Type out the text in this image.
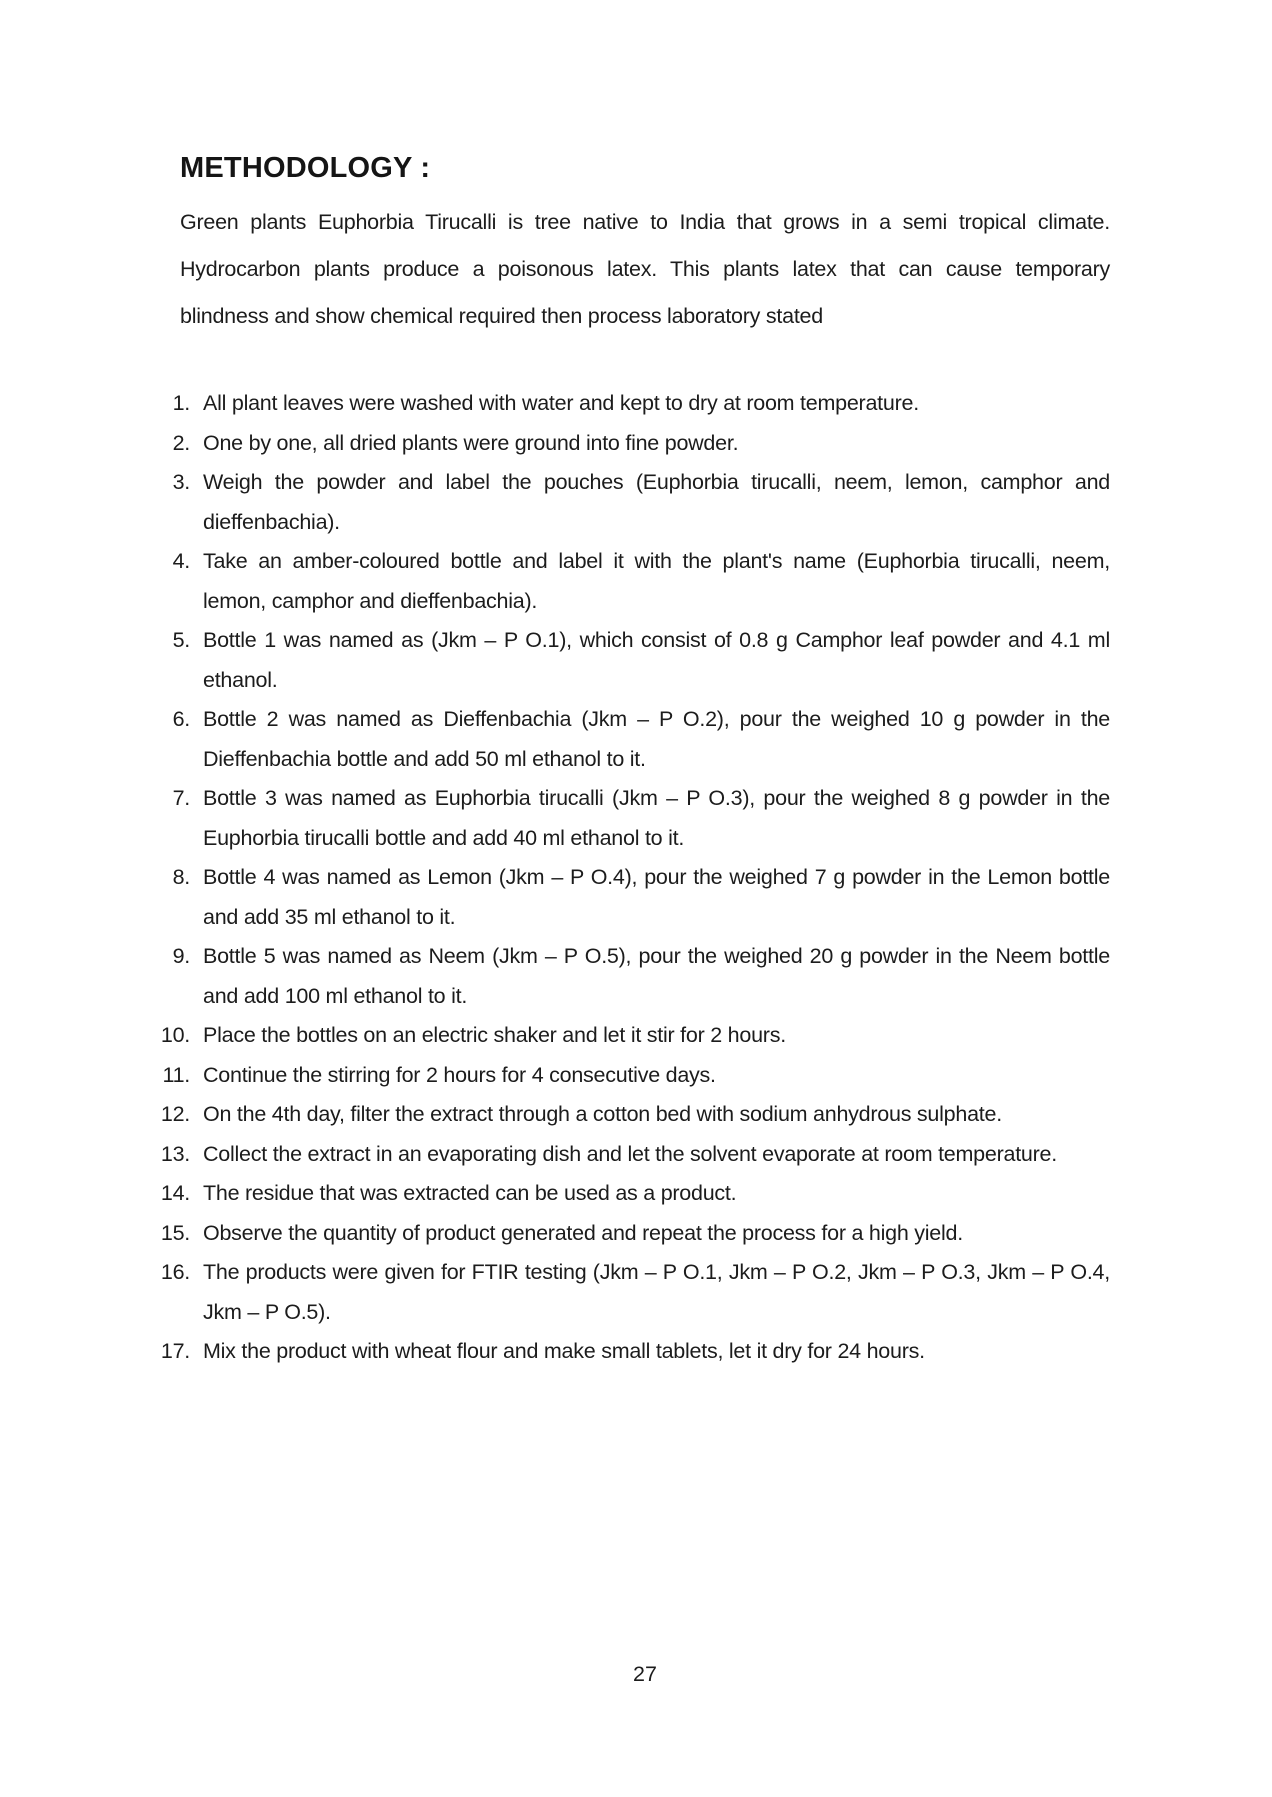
METHODOLOGY :
Green plants Euphorbia Tirucalli is tree native to India that grows in a semi tropical climate. Hydrocarbon plants produce a poisonous latex. This plants latex that can cause temporary blindness and show chemical required then process laboratory stated
1. All plant leaves were washed with water and kept to dry at room temperature.
2. One by one, all dried plants were ground into fine powder.
3. Weigh the powder and label the pouches (Euphorbia tirucalli, neem, lemon, camphor and dieffenbachia).
4. Take an amber-coloured bottle and label it with the plant's name (Euphorbia tirucalli, neem, lemon, camphor and dieffenbachia).
5. Bottle 1 was named as (Jkm – P O.1), which consist of 0.8 g Camphor leaf powder and 4.1 ml ethanol.
6. Bottle 2 was named as Dieffenbachia (Jkm – P O.2), pour the weighed 10 g powder in the Dieffenbachia bottle and add 50 ml ethanol to it.
7. Bottle 3 was named as Euphorbia tirucalli (Jkm – P O.3), pour the weighed 8 g powder in the Euphorbia tirucalli bottle and add 40 ml ethanol to it.
8. Bottle 4 was named as Lemon (Jkm – P O.4), pour the weighed 7 g powder in the Lemon bottle and add 35 ml ethanol to it.
9. Bottle 5 was named as Neem (Jkm – P O.5), pour the weighed 20 g powder in the Neem bottle and add 100 ml ethanol to it.
10. Place the bottles on an electric shaker and let it stir for 2 hours.
11. Continue the stirring for 2 hours for 4 consecutive days.
12. On the 4th day, filter the extract through a cotton bed with sodium anhydrous sulphate.
13. Collect the extract in an evaporating dish and let the solvent evaporate at room temperature.
14. The residue that was extracted can be used as a product.
15. Observe the quantity of product generated and repeat the process for a high yield.
16. The products were given for FTIR testing (Jkm – P O.1, Jkm – P O.2, Jkm – P O.3, Jkm – P O.4, Jkm – P O.5).
17. Mix the product with wheat flour and make small tablets, let it dry for 24 hours.
27
